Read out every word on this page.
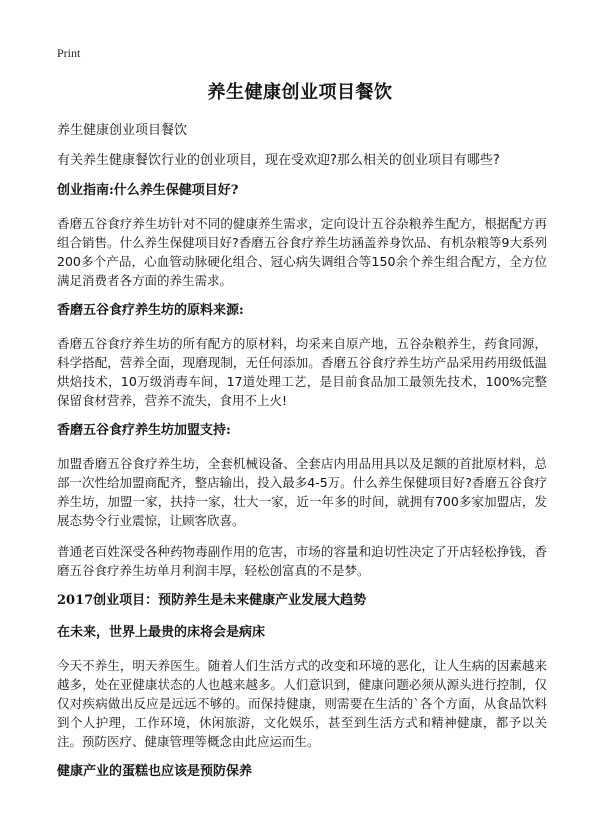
Print
养生健康创业项目餐饮

养生健康创业项目餐饮

有关养生健康餐饮行业的创业项目，现在受欢迎?那么相关的创业项目有哪些?

创业指南:什么养生保健项目好?

香磨五谷食疗养生坊针对不同的健康养生需求，定向设计五谷杂粮养生配方，根据配方再组合销售。什么养生保健项目好?香磨五谷食疗养生坊涵盖养身饮品、有机杂粮等9大系列200多个产品，心血管动脉硬化组合、冠心病失调组合等150余个养生组合配方，全方位满足消费者各方面的养生需求。

香磨五谷食疗养生坊的原料来源:

香磨五谷食疗养生坊的所有配方的原材料，均采来自原产地，五谷杂粮养生，药食同源，科学搭配，营养全面，现磨现制，无任何添加。香磨五谷食疗养生坊产品采用药用级低温烘焙技术，10万级消毒车间，17道处理工艺，是目前食品加工最领先技术，100%完整保留食材营养，营养不流失，食用不上火!

香磨五谷食疗养生坊加盟支持:

加盟香磨五谷食疗养生坊，全套机械设备、全套店内用品用具以及足额的首批原材料，总部一次性给加盟商配齐，整店输出，投入最多4-5万。什么养生保健项目好?香磨五谷食疗养生坊，加盟一家，扶持一家，壮大一家，近一年多的时间，就拥有700多家加盟店，发展态势令行业震惊，让顾客欣喜。

普通老百姓深受各种药物毒副作用的危害，市场的容量和迫切性决定了开店轻松挣钱，香磨五谷食疗养生坊单月利润丰厚，轻松创富真的不是梦。

2017创业项目：预防养生是未来健康产业发展大趋势
在未来，世界上最贵的床将会是病床

今天不养生，明天养医生。随着人们生活方式的改变和环境的恶化，让人生病的因素越来越多，处在亚健康状态的人也越来越多。人们意识到，健康问题必须从源头进行控制，仅仅对疾病做出反应是远远不够的。而保持健康，则需要在生活的`各个方面，从食品饮料到个人护理，工作环境，休闲旅游，文化娱乐，甚至到生活方式和精神健康，都予以关注。预防医疗、健康管理等概念由此应运而生。

健康产业的蛋糕也应该是预防保养
